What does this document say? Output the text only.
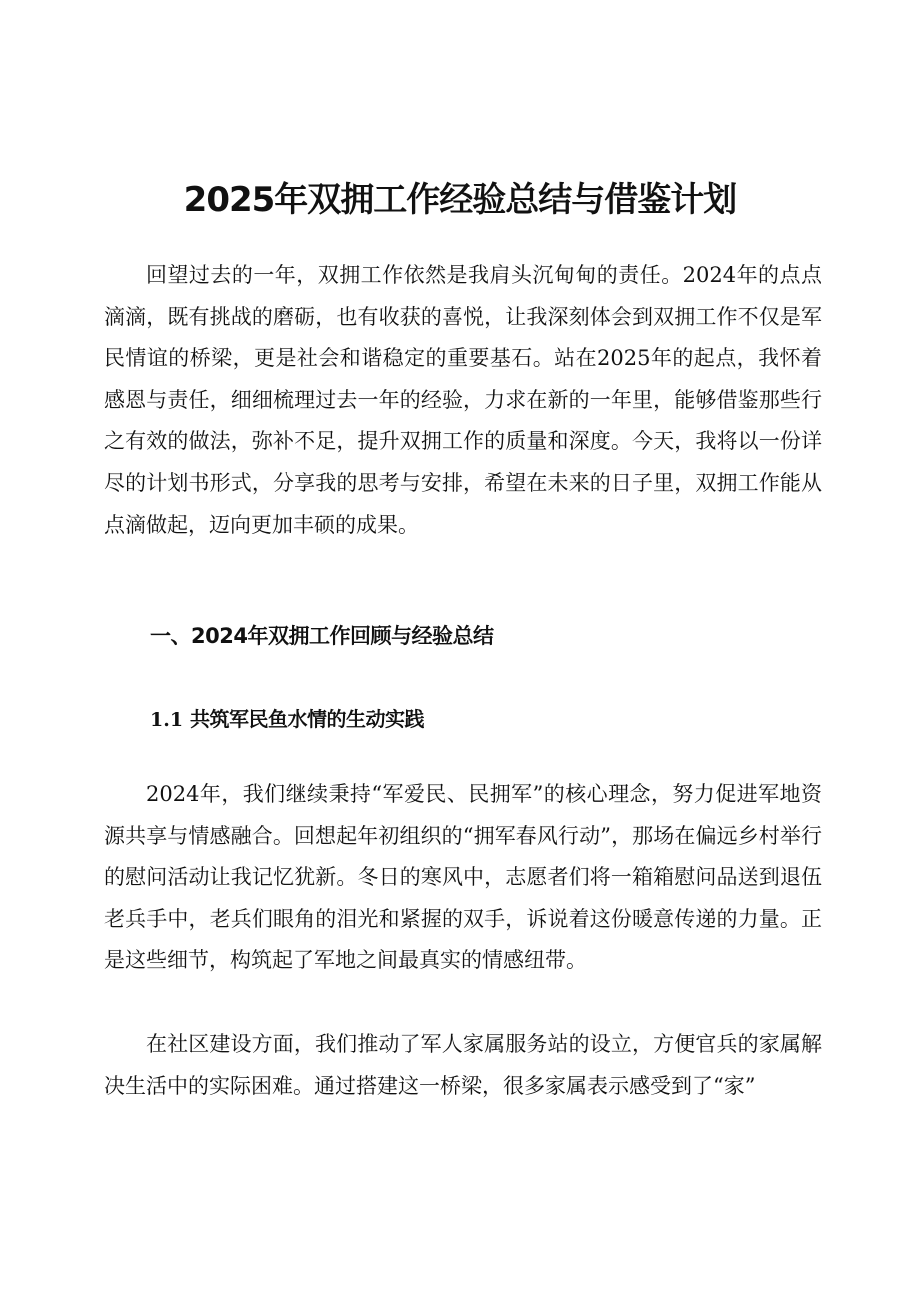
2025年双拥工作经验总结与借鉴计划

回望过去的一年，双拥工作依然是我肩头沉甸甸的责任。2024年的点点滴滴，既有挑战的磨砺，也有收获的喜悦，让我深刻体会到双拥工作不仅是军民情谊的桥梁，更是社会和谐稳定的重要基石。站在2025年的起点，我怀着感恩与责任，细细梳理过去一年的经验，力求在新的一年里，能够借鉴那些行之有效的做法，弥补不足，提升双拥工作的质量和深度。今天，我将以一份详尽的计划书形式，分享我的思考与安排，希望在未来的日子里，双拥工作能从点滴做起，迈向更加丰硕的成果。

一、2024年双拥工作回顾与经验总结
1.1 共筑军民鱼水情的生动实践

2024年，我们继续秉持“军爱民、民拥军”的核心理念，努力促进军地资源共享与情感融合。回想起年初组织的“拥军春风行动”，那场在偏远乡村举行的慰问活动让我记忆犹新。冬日的寒风中，志愿者们将一箱箱慰问品送到退伍老兵手中，老兵们眼角的泪光和紧握的双手，诉说着这份暖意传递的力量。正是这些细节，构筑起了军地之间最真实的情感纽带。

在社区建设方面，我们推动了军人家属服务站的设立，方便官兵的家属解决生活中的实际困难。通过搭建这一桥梁，很多家属表示感受到了“家”
